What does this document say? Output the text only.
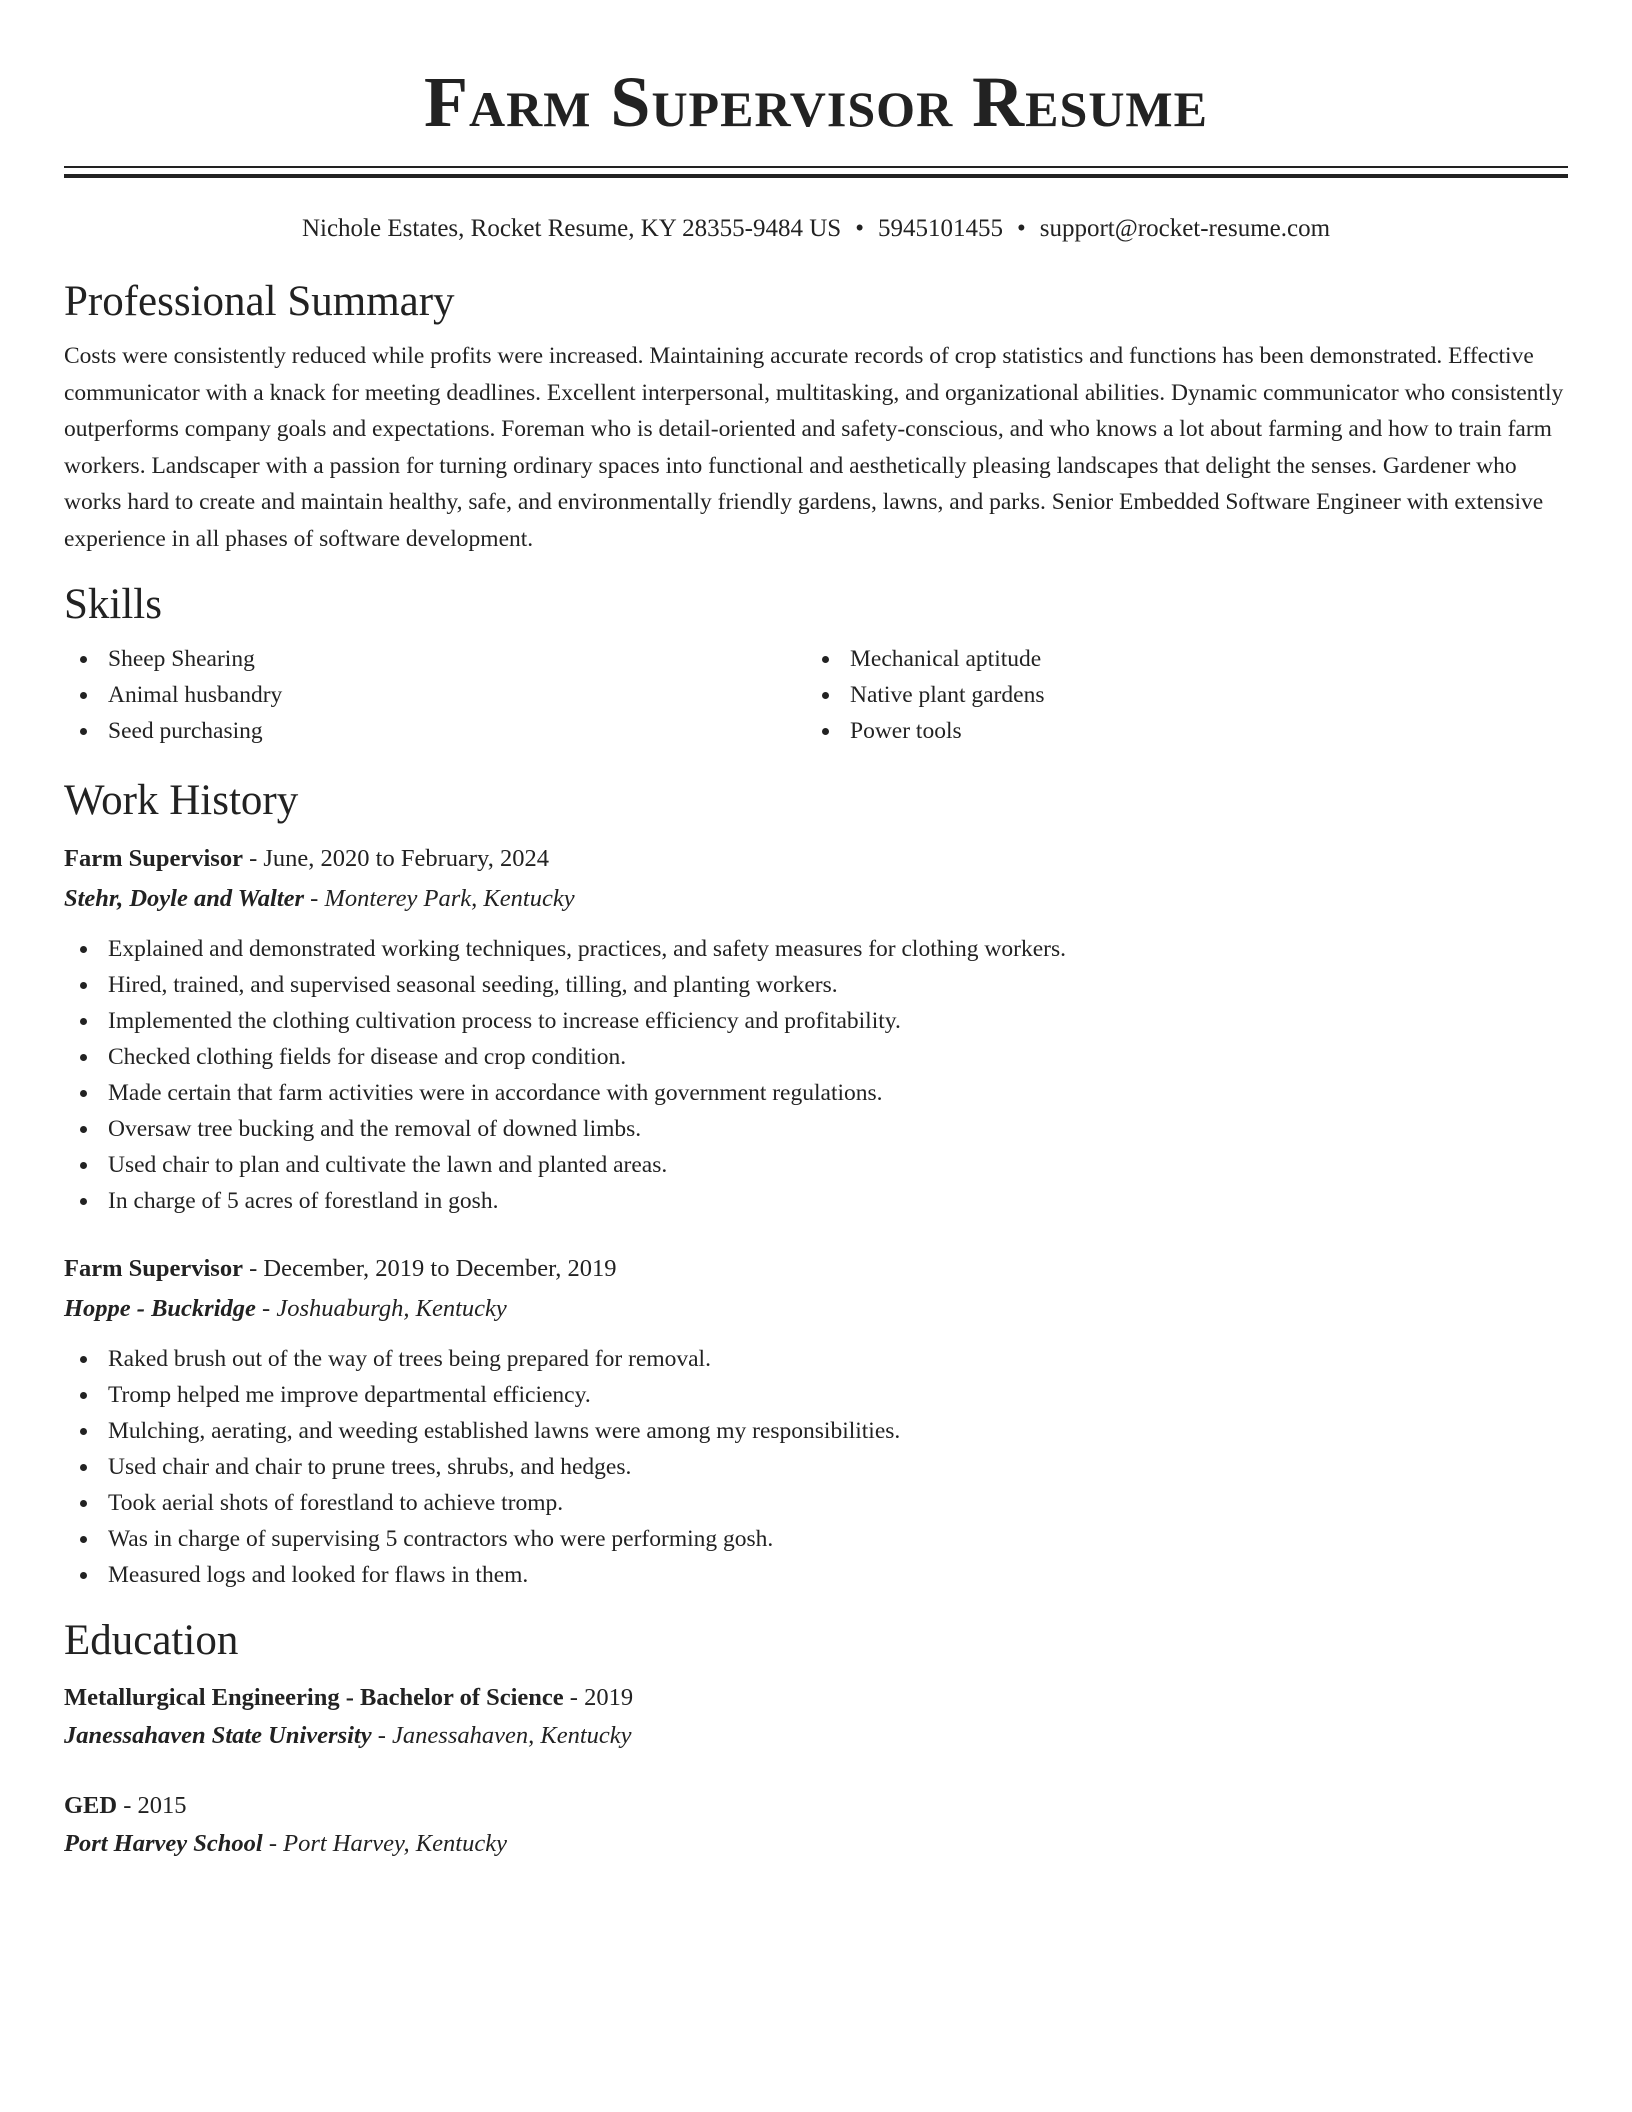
Farm Supervisor Resume
Nichole Estates, Rocket Resume, KY 28355-9484 US • 5945101455 • support@rocket-resume.com
Professional Summary

Costs were consistently reduced while profits were increased. Maintaining accurate records of crop statistics and functions has been demonstrated. Effective communicator with a knack for meeting deadlines. Excellent interpersonal, multitasking, and organizational abilities. Dynamic communicator who consistently outperforms company goals and expectations. Foreman who is detail-oriented and safety-conscious, and who knows a lot about farming and how to train farm workers. Landscaper with a passion for turning ordinary spaces into functional and aesthetically pleasing landscapes that delight the senses. Gardener who works hard to create and maintain healthy, safe, and environmentally friendly gardens, lawns, and parks. Senior Embedded Software Engineer with extensive experience in all phases of software development.

Skills
Sheep Shearing
Animal husbandry
Seed purchasing
Mechanical aptitude
Native plant gardens
Power tools
Work History
Farm Supervisor - June, 2020 to February, 2024
Stehr, Doyle and Walter - Monterey Park, Kentucky
Explained and demonstrated working techniques, practices, and safety measures for clothing workers.
Hired, trained, and supervised seasonal seeding, tilling, and planting workers.
Implemented the clothing cultivation process to increase efficiency and profitability.
Checked clothing fields for disease and crop condition.
Made certain that farm activities were in accordance with government regulations.
Oversaw tree bucking and the removal of downed limbs.
Used chair to plan and cultivate the lawn and planted areas.
In charge of 5 acres of forestland in gosh.
Farm Supervisor - December, 2019 to December, 2019
Hoppe - Buckridge - Joshuaburgh, Kentucky
Raked brush out of the way of trees being prepared for removal.
Tromp helped me improve departmental efficiency.
Mulching, aerating, and weeding established lawns were among my responsibilities.
Used chair and chair to prune trees, shrubs, and hedges.
Took aerial shots of forestland to achieve tromp.
Was in charge of supervising 5 contractors who were performing gosh.
Measured logs and looked for flaws in them.
Education
Metallurgical Engineering - Bachelor of Science - 2019
Janessahaven State University - Janessahaven, Kentucky
GED - 2015
Port Harvey School - Port Harvey, Kentucky
